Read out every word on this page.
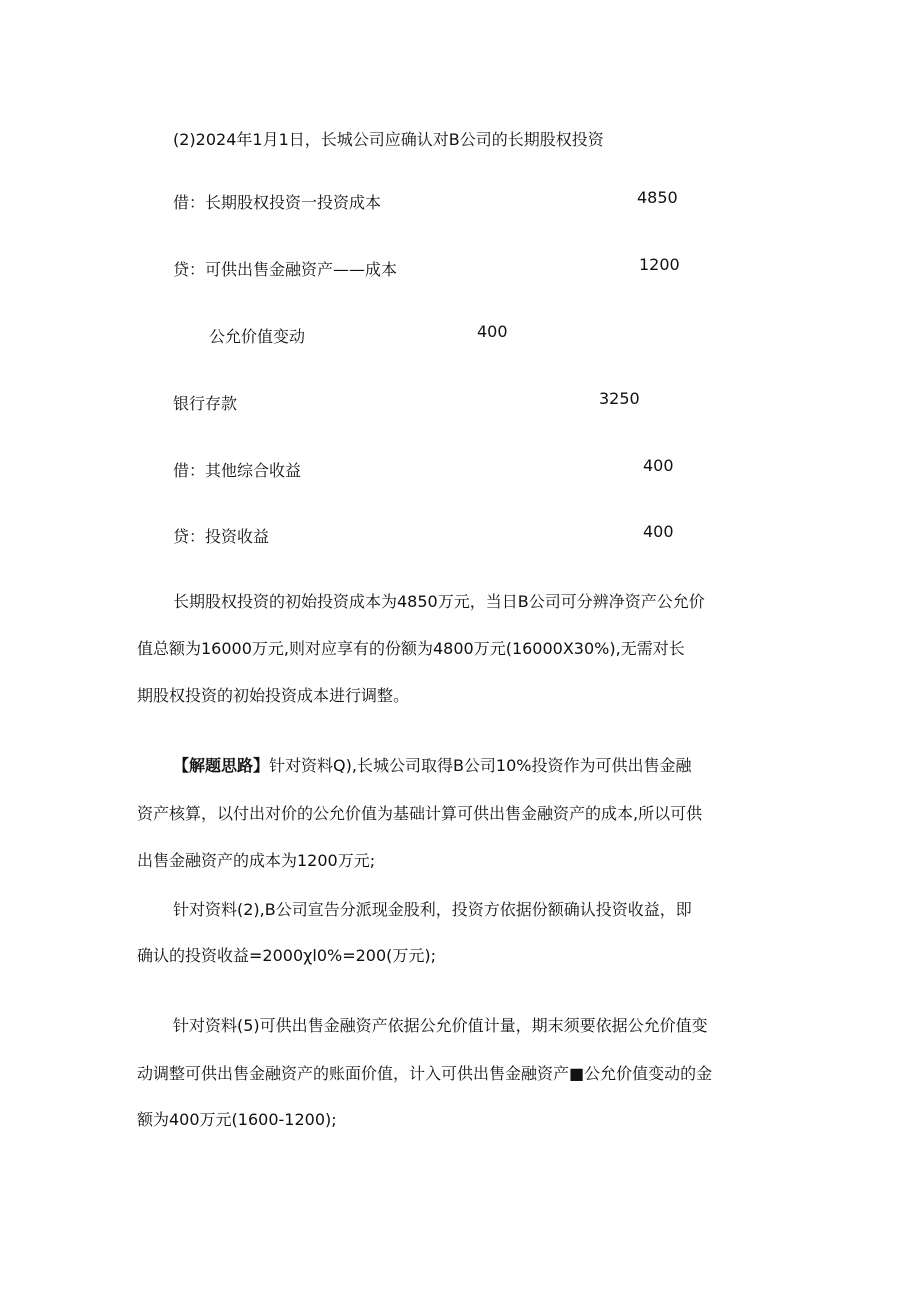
(2)2024年1月1日，长城公司应确认对B公司的长期股权投资
借：长期股权投资一投资成本	4850
贷：可供出售金融资产——成本	1200
公允价值变动	400
银行存款	3250
借：其他综合收益	400
贷：投资收益	400
长期股权投资的初始投资成本为4850万元，当日B公司可分辨净资产公允价
值总额为16000万元,则对应享有的份额为4800万元(16000X30%),无需对长
期股权投资的初始投资成本进行调整。
【解题思路】针对资料Q),长城公司取得B公司10%投资作为可供出售金融
资产核算，以付出对价的公允价值为基础计算可供出售金融资产的成本,所以可供
出售金融资产的成本为1200万元;
针对资料(2),B公司宣告分派现金股利，投资方依据份额确认投资收益，即
确认的投资收益=2000χl0%=200(万元);
针对资料(5)可供出售金融资产依据公允价值计量，期末须要依据公允价值变
动调整可供出售金融资产的账面价值，计入可供出售金融资产■公允价值变动的金
额为400万元(1600-1200);
